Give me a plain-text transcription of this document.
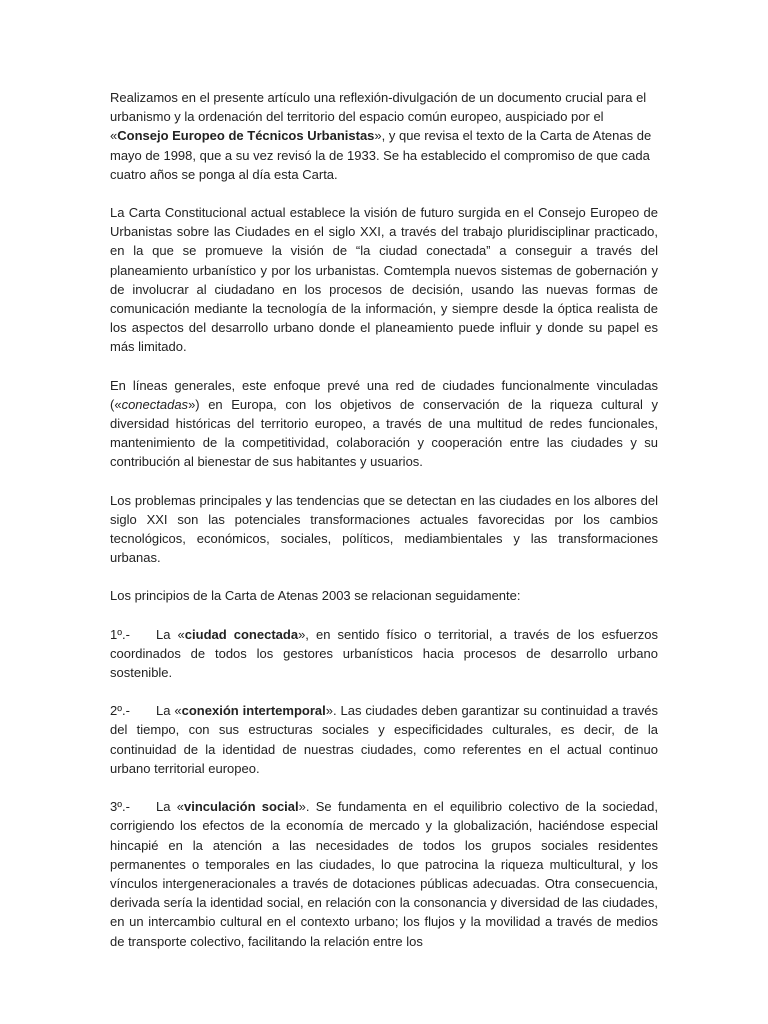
Realizamos en el presente artículo una reflexión-divulgación de un documento crucial para el urbanismo y la ordenación del territorio del espacio común europeo, auspiciado por el «Consejo Europeo de Técnicos Urbanistas», y que revisa el texto de la Carta de Atenas de mayo de 1998, que a su vez revisó la de 1933. Se ha establecido el compromiso de que cada cuatro años se ponga al día esta Carta.

La Carta Constitucional actual establece la visión de futuro surgida en el Consejo Europeo de Urbanistas sobre las Ciudades en el siglo XXI, a través del trabajo pluridisciplinar practicado, en la que se promueve la visión de “la ciudad conectada” a conseguir a través del planeamiento urbanístico y por los urbanistas. Comtempla nuevos sistemas de gobernación y de involucrar al ciudadano en los procesos de decisión, usando las nuevas formas de comunicación mediante la tecnología de la información, y siempre desde la óptica realista de los aspectos del desarrollo urbano donde el planeamiento puede influir y donde su papel es más limitado.

En líneas generales, este enfoque prevé una red de ciudades funcionalmente vinculadas («conectadas») en Europa, con los objetivos de conservación de la riqueza cultural y diversidad históricas del territorio europeo, a través de una multitud de redes funcionales, mantenimiento de la competitividad, colaboración y cooperación entre las ciudades y su contribución al bienestar de sus habitantes y usuarios.

Los problemas principales y las tendencias que se detectan en las ciudades en los albores del siglo XXI son las potenciales transformaciones actuales favorecidas por los cambios tecnológicos, económicos, sociales, políticos, mediambientales y las transformaciones urbanas.

Los principios de la Carta de Atenas 2003 se relacionan seguidamente:

1º.- La «ciudad conectada», en sentido físico o territorial, a través de los esfuerzos coordinados de todos los gestores urbanísticos hacia procesos de desarrollo urbano sostenible.

2º.- La «conexión intertemporal». Las ciudades deben garantizar su continuidad a través del tiempo, con sus estructuras sociales y especificidades culturales, es decir, de la continuidad de la identidad de nuestras ciudades, como referentes en el actual continuo urbano territorial europeo.

3º.- La «vinculación social». Se fundamenta en el equilibrio colectivo de la sociedad, corrigiendo los efectos de la economía de mercado y la globalización, haciéndose especial hincapié en la atención a las necesidades de todos los grupos sociales residentes permanentes o temporales en las ciudades, lo que patrocina la riqueza multicultural, y los vínculos intergeneracionales a través de dotaciones públicas adecuadas. Otra consecuencia, derivada sería la identidad social, en relación con la consonancia y diversidad de las ciudades, en un intercambio cultural en el contexto urbano; los flujos y la movilidad a través de medios de transporte colectivo, facilitando la relación entre los
